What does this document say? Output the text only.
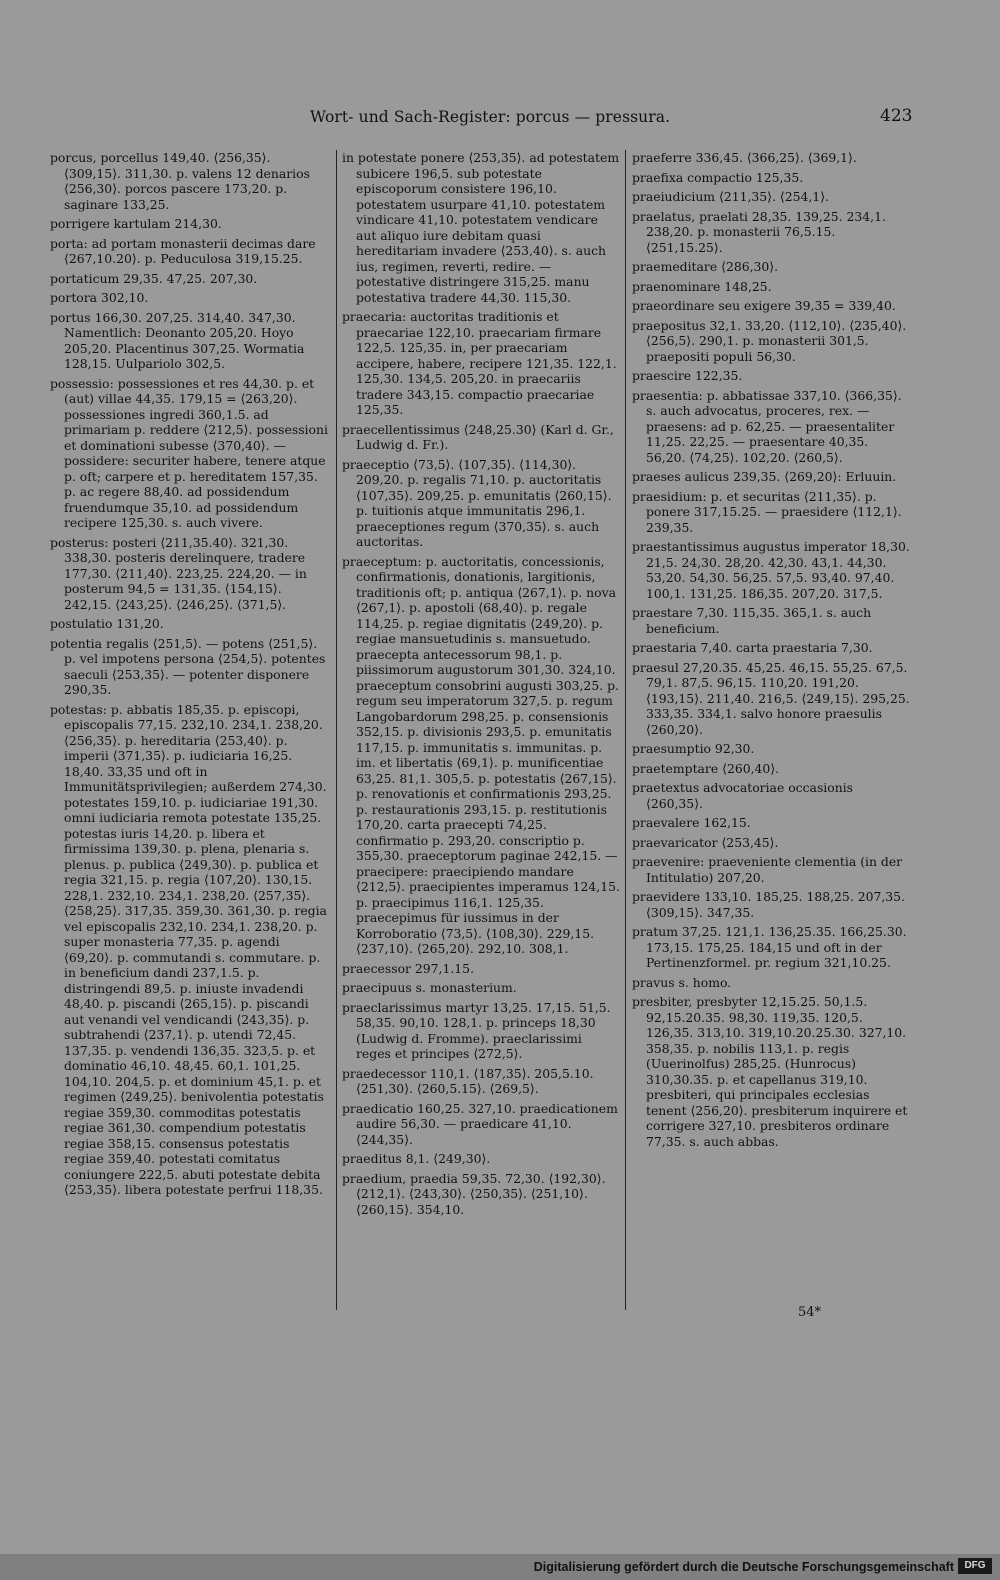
Wort- und Sach-Register: porcus — pressura.	423

porcus, porcellus 149,40. ⟨256,35⟩. ⟨309,15⟩. 311,30. p. valens 12 denarios ⟨256,30⟩. porcos pascere 173,20. p. saginare 133,25.

porrigere kartulam 214,30.

porta: ad portam monasterii decimas dare ⟨267,10.20⟩. p. Peduculosa 319,15.25.

portaticum 29,35. 47,25. 207,30.

portora 302,10.

portus 166,30. 207,25. 314,40. 347,30. Namentlich: Deonanto 205,20. Hoyo 205,20. Placentinus 307,25. Wormatia 128,15. Uulpariolo 302,5.

possessio: possessiones et res 44,30. p. et (aut) villae 44,35. 179,15 = ⟨263,20⟩. possessiones ingredi 360,1.5. ad primariam p. reddere ⟨212,5⟩. possessioni et dominationi subesse ⟨370,40⟩. — possidere: securiter habere, tenere atque p. oft; carpere et p. hereditatem 157,35. p. ac regere 88,40. ad possidendum fruendumque 35,10. ad possidendum recipere 125,30. s. auch vivere.

posterus: posteri ⟨211,35.40⟩. 321,30. 338,30. posteris derelinquere, tradere 177,30. ⟨211,40⟩. 223,25. 224,20. — in posterum 94,5 = 131,35. ⟨154,15⟩. 242,15. ⟨243,25⟩. ⟨246,25⟩. ⟨371,5⟩.

postulatio 131,20.

potentia regalis ⟨251,5⟩. — potens ⟨251,5⟩. p. vel impotens persona ⟨254,5⟩. potentes saeculi ⟨253,35⟩. — potenter disponere 290,35.

potestas: p. abbatis 185,35. p. episcopi, episcopalis 77,15. 232,10. 234,1. 238,20. ⟨256,35⟩. p. hereditaria ⟨253,40⟩. p. imperii ⟨371,35⟩. p. iudiciaria 16,25. 18,40. 33,35 und oft in Immunitätsprivilegien; außerdem 274,30. potestates 159,10. p. iudiciariae 191,30. omni iudiciaria remota potestate 135,25. potestas iuris 14,20. p. libera et firmissima 139,30. p. plena, plenaria s. plenus. p. publica ⟨249,30⟩. p. publica et regia 321,15. p. regia ⟨107,20⟩. 130,15. 228,1. 232,10. 234,1. 238,20. ⟨257,35⟩. ⟨258,25⟩. 317,35. 359,30. 361,30. p. regia vel episcopalis 232,10. 234,1. 238,20. p. super monasteria 77,35. p. agendi ⟨69,20⟩. p. commutandi s. commutare. p. in beneficium dandi 237,1.5. p. distringendi 89,5. p. iniuste invadendi 48,40. p. piscandi ⟨265,15⟩. p. piscandi aut venandi vel vendicandi ⟨243,35⟩. p. subtrahendi ⟨237,1⟩. p. utendi 72,45. 137,35. p. vendendi 136,35. 323,5. p. et dominatio 46,10. 48,45. 60,1. 101,25. 104,10. 204,5. p. et dominium 45,1. p. et regimen ⟨249,25⟩. benivolentia potestatis regiae 359,30. commoditas potestatis regiae 361,30. compendium potestatis regiae 358,15. consensus potestatis regiae 359,40. potestati comitatus coniungere 222,5. abuti potestate debita ⟨253,35⟩. libera potestate perfrui 118,35.

in potestate ponere ⟨253,35⟩. ad potestatem subicere 196,5. sub potestate episcoporum consistere 196,10. potestatem usurpare 41,10. potestatem vindicare 41,10. potestatem vendicare aut aliquo iure debitam quasi hereditariam invadere ⟨253,40⟩. s. auch ius, regimen, reverti, redire. — potestative distringere 315,25. manu potestativa tradere 44,30. 115,30.

praecaria: auctoritas traditionis et praecariae 122,10. praecariam firmare 122,5. 125,35. in, per praecariam accipere, habere, recipere 121,35. 122,1. 125,30. 134,5. 205,20. in praecariis tradere 343,15. compactio praecariae 125,35.

praecellentissimus ⟨248,25.30⟩ (Karl d. Gr., Ludwig d. Fr.).

praeceptio ⟨73,5⟩. ⟨107,35⟩. ⟨114,30⟩. 209,20. p. regalis 71,10. p. auctoritatis ⟨107,35⟩. 209,25. p. emunitatis ⟨260,15⟩. p. tuitionis atque immunitatis 296,1. praeceptiones regum ⟨370,35⟩. s. auch auctoritas.

praeceptum: p. auctoritatis, concessionis, confirmationis, donationis, largitionis, traditionis oft; p. antiqua ⟨267,1⟩. p. nova ⟨267,1⟩. p. apostoli ⟨68,40⟩. p. regale 114,25. p. regiae dignitatis ⟨249,20⟩. p. regiae mansuetudinis s. mansuetudo. praecepta antecessorum 98,1. p. piissimorum augustorum 301,30. 324,10. praeceptum consobrini augusti 303,25. p. regum seu imperatorum 327,5. p. regum Langobardorum 298,25. p. consensionis 352,15. p. divisionis 293,5. p. emunitatis 117,15. p. immunitatis s. immunitas. p. im. et libertatis ⟨69,1⟩. p. munificentiae 63,25. 81,1. 305,5. p. potestatis ⟨267,15⟩. p. renovationis et confirmationis 293,25. p. restaurationis 293,15. p. restitutionis 170,20. carta praecepti 74,25. confirmatio p. 293,20. conscriptio p. 355,30. praeceptorum paginae 242,15. — praecipere: praecipiendo mandare ⟨212,5⟩. praecipientes imperamus 124,15. p. praecipimus 116,1. 125,35. praecepimus für iussimus in der Korroboratio ⟨73,5⟩. ⟨108,30⟩. 229,15. ⟨237,10⟩. ⟨265,20⟩. 292,10. 308,1.

praecessor 297,1.15.

praecipuus s. monasterium.

praeclarissimus martyr 13,25. 17,15. 51,5. 58,35. 90,10. 128,1. p. princeps 18,30 (Ludwig d. Fromme). praeclarissimi reges et principes ⟨272,5⟩.

praedecessor 110,1. ⟨187,35⟩. 205,5.10. ⟨251,30⟩. ⟨260,5.15⟩. ⟨269,5⟩.

praedicatio 160,25. 327,10. praedicationem audire 56,30. — praedicare 41,10. ⟨244,35⟩.

praeditus 8,1. ⟨249,30⟩.

praedium, praedia 59,35. 72,30. ⟨192,30⟩. ⟨212,1⟩. ⟨243,30⟩. ⟨250,35⟩. ⟨251,10⟩. ⟨260,15⟩. 354,10.

praeferre 336,45. ⟨366,25⟩. ⟨369,1⟩.

praefixa compactio 125,35.

praeiudicium ⟨211,35⟩. ⟨254,1⟩.

praelatus, praelati 28,35. 139,25. 234,1. 238,20. p. monasterii 76,5.15. ⟨251,15.25⟩.

praemeditare ⟨286,30⟩.

praenominare 148,25.

praeordinare seu exigere 39,35 = 339,40.

praepositus 32,1. 33,20. ⟨112,10⟩. ⟨235,40⟩. ⟨256,5⟩. 290,1. p. monasterii 301,5. praepositi populi 56,30.

praescire 122,35.

praesentia: p. abbatissae 337,10. ⟨366,35⟩. s. auch advocatus, proceres, rex. — praesens: ad p. 62,25. — praesentaliter 11,25. 22,25. — praesentare 40,35. 56,20. ⟨74,25⟩. 102,20. ⟨260,5⟩.

praeses aulicus 239,35. ⟨269,20⟩: Erluuin.

praesidium: p. et securitas ⟨211,35⟩. p. ponere 317,15.25. — praesidere ⟨112,1⟩. 239,35.

praestantissimus augustus imperator 18,30. 21,5. 24,30. 28,20. 42,30. 43,1. 44,30. 53,20. 54,30. 56,25. 57,5. 93,40. 97,40. 100,1. 131,25. 186,35. 207,20. 317,5.

praestare 7,30. 115,35. 365,1. s. auch beneficium.

praestaria 7,40. carta praestaria 7,30.

praesul 27,20.35. 45,25. 46,15. 55,25. 67,5. 79,1. 87,5. 96,15. 110,20. 191,20. ⟨193,15⟩. 211,40. 216,5. ⟨249,15⟩. 295,25. 333,35. 334,1. salvo honore praesulis ⟨260,20⟩.

praesumptio 92,30.

praetemptare ⟨260,40⟩.

praetextus advocatoriae occasionis ⟨260,35⟩.

praevalere 162,15.

praevaricator ⟨253,45⟩.

praevenire: praeveniente clementia (in der Intitulatio) 207,20.

praevidere 133,10. 185,25. 188,25. 207,35. ⟨309,15⟩. 347,35.

pratum 37,25. 121,1. 136,25.35. 166,25.30. 173,15. 175,25. 184,15 und oft in der Pertinenzformel. pr. regium 321,10.25.

pravus s. homo.

presbiter, presbyter 12,15.25. 50,1.5. 92,15.20.35. 98,30. 119,35. 120,5. 126,35. 313,10. 319,10.20.25.30. 327,10. 358,35. p. nobilis 113,1. p. regis (Uuerinolfus) 285,25. (Hunrocus) 310,30.35. p. et capellanus 319,10. presbiteri, qui principales ecclesias tenent ⟨256,20⟩. presbiterum inquirere et corrigere 327,10. presbiteros ordinare 77,35. s. auch abbas.

54*
Digitalisierung gefördert durch die Deutsche Forschungsgemeinschaft	DFG
